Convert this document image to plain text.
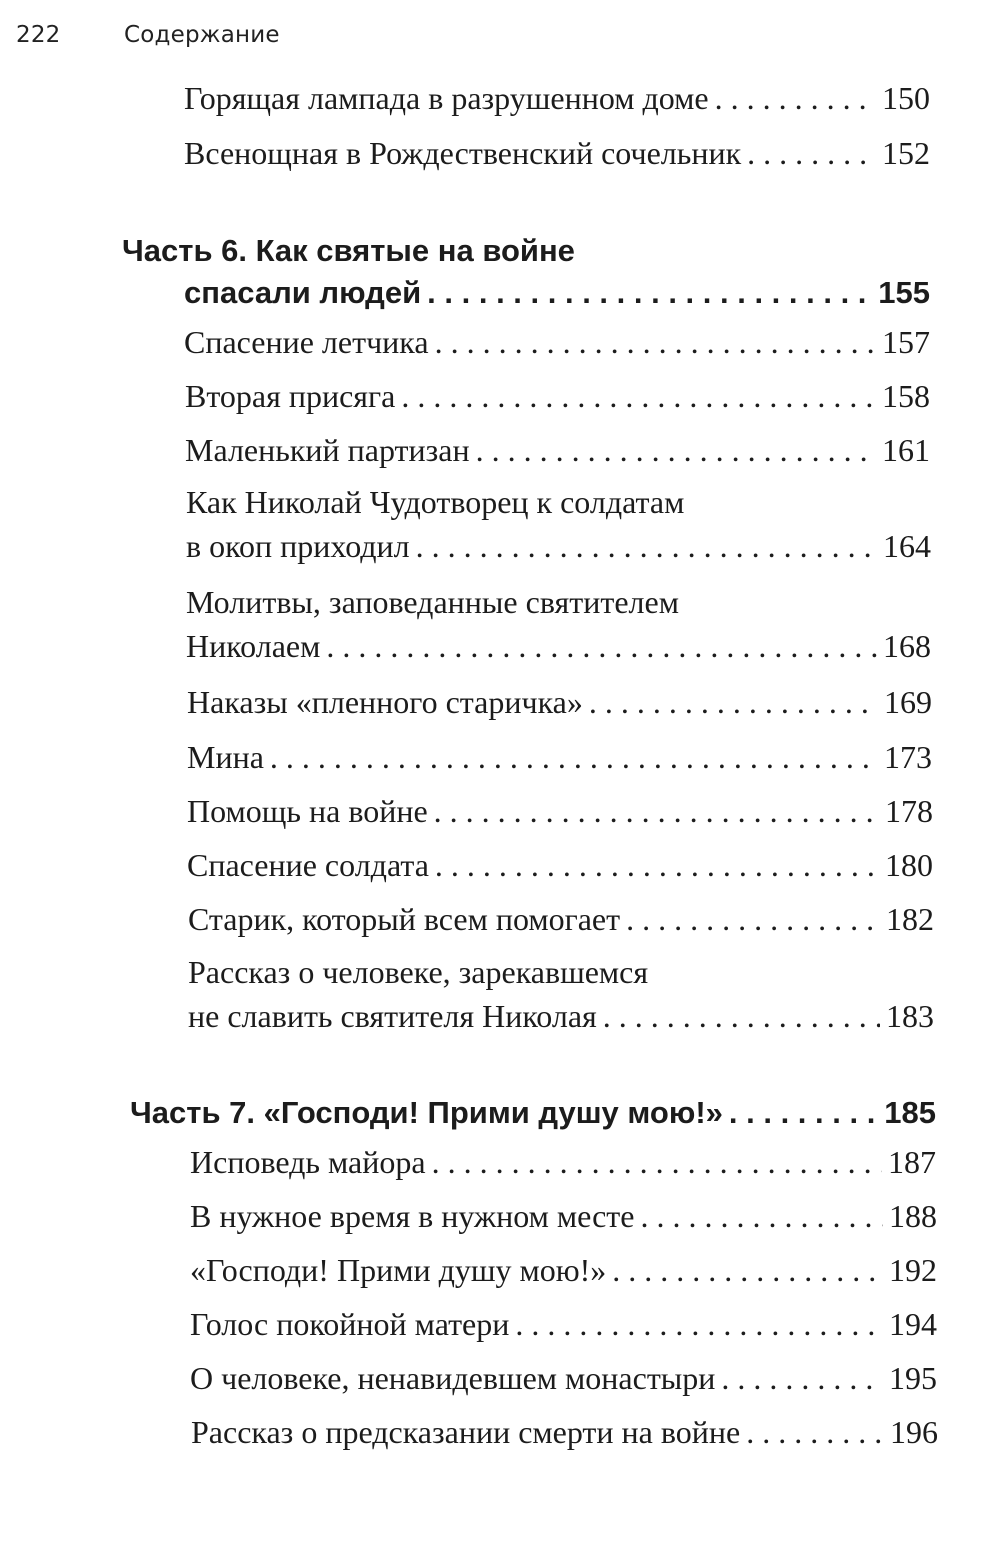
222	Содержание
Горящая лампада в разрушенном доме . . .	150
Всенощная в Рождественский сочельник . . .	152
Часть 6. Как святые на войне
спасали людей . . .	155
Спасение летчика . . .	157
Вторая присяга . . .	158
Маленький партизан . . .	161
Как Николай Чудотворец к солдатам
в окоп приходил . . .	164
Молитвы, заповеданные святителем
Николаем . . .	168
Наказы «пленного старичка» . . .	169
Мина . . .	173
Помощь на войне . . .	178
Спасение солдата . . .	180
Старик, который всем помогает . . .	182
Рассказ о человеке, зарекавшемся
не славить святителя Николая . . .	183
Часть 7. «Господи! Прими душу мою!» . . .	185
Исповедь майора . . .	187
В нужное время в нужном месте . . .	188
«Господи! Прими душу мою!» . . .	192
Голос покойной матери . . .	194
О человеке, ненавидевшем монастыри . . .	195
Рассказ о предсказании смерти на войне . . .	196
